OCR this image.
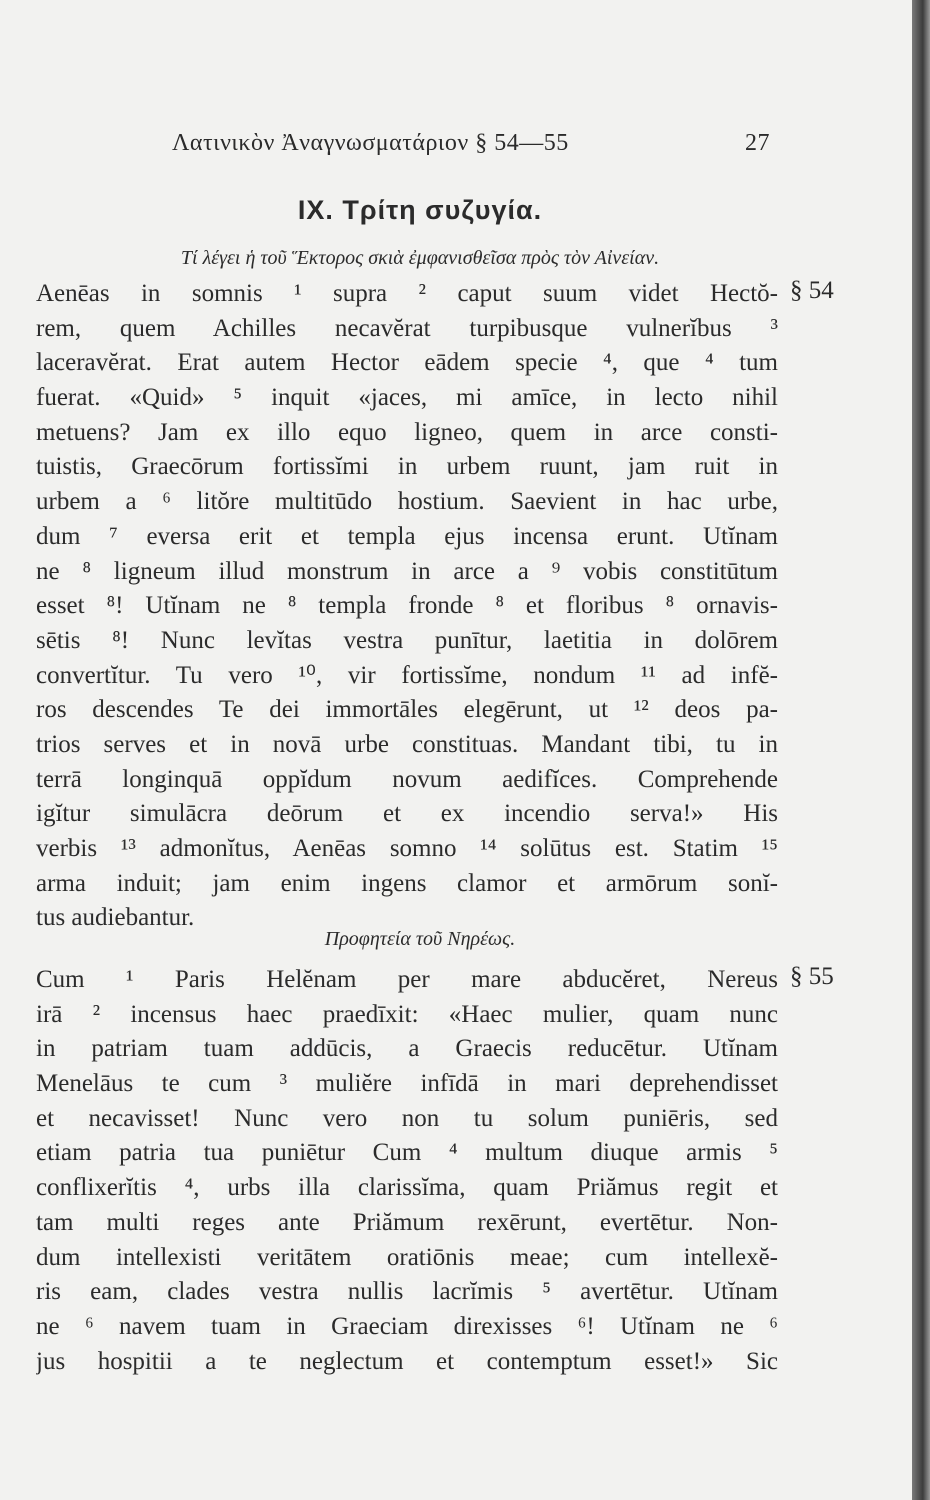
Λατινικὸν Ἀναγνωσματάριον § 54—55	27
IX. Τρίτη συζυγία.
Τί λέγει ἡ τοῦ Ἕκτορος σκιὰ ἐμφανισθεῖσα πρὸς τὸν Αἰνείαν.
§ 54
Aenēas in somnis ¹ supra ² caput suum videt Hectŏ-
rem, quem Achilles necavĕrat turpibusque vulnerĭbus ³
laceravĕrat. Erat autem Hector eādem specie ⁴, que ⁴ tum
fuerat. «Quid» ⁵ inquit «jaces, mi amīce, in lecto nihil
metuens? Jam ex illo equo ligneo, quem in arce consti-
tuistis, Graecōrum fortissĭmi in urbem ruunt, jam ruit in
urbem a ⁶ litŏre multitūdo hostium. Saevient in hac urbe,
dum ⁷ eversa erit et templa ejus incensa erunt. Utĭnam
ne ⁸ ligneum illud monstrum in arce a ⁹ vobis constitūtum
esset ⁸! Utĭnam ne ⁸ templa fronde ⁸ et floribus ⁸ ornavis-
sētis ⁸! Nunc levĭtas vestra punītur, laetitia in dolōrem
convertĭtur. Tu vero ¹⁰, vir fortissĭme, nondum ¹¹ ad infĕ-
ros descendes Te dei immortāles elegērunt, ut ¹² deos pa-
trios serves et in novā urbe constituas. Mandant tibi, tu in
terrā longinquā oppĭdum novum aedifĭces. Comprehende
igĭtur simulācra deōrum et ex incendio serva!» His
verbis ¹³ admonĭtus, Aenēas somno ¹⁴ solūtus est. Statim ¹⁵
arma induit; jam enim ingens clamor et armōrum sonĭ-
tus audiebantur.
Προφητεία τοῦ Νηρέως.
§ 55
Cum ¹ Paris Helĕnam per mare abducĕret, Nereus
irā ² incensus haec praedīxit: «Haec mulier, quam nunc
in patriam tuam addūcis, a Graecis reducētur. Utĭnam
Menelāus te cum ³ muliĕre infīdā in mari deprehendisset
et necavisset! Nunc vero non tu solum puniēris, sed
etiam patria tua puniētur Cum ⁴ multum diuque armis ⁵
conflixerĭtis ⁴, urbs illa clarissĭma, quam Priămus regit et
tam multi reges ante Priămum rexērunt, evertētur. Non-
dum intellexisti veritātem oratiōnis meae; cum intellexĕ-
ris eam, clades vestra nullis lacrĭmis ⁵ avertētur. Utĭnam
ne ⁶ navem tuam in Graeciam direxisses ⁶! Utĭnam ne ⁶
jus hospitii a te neglectum et contemptum esset!» Sic
